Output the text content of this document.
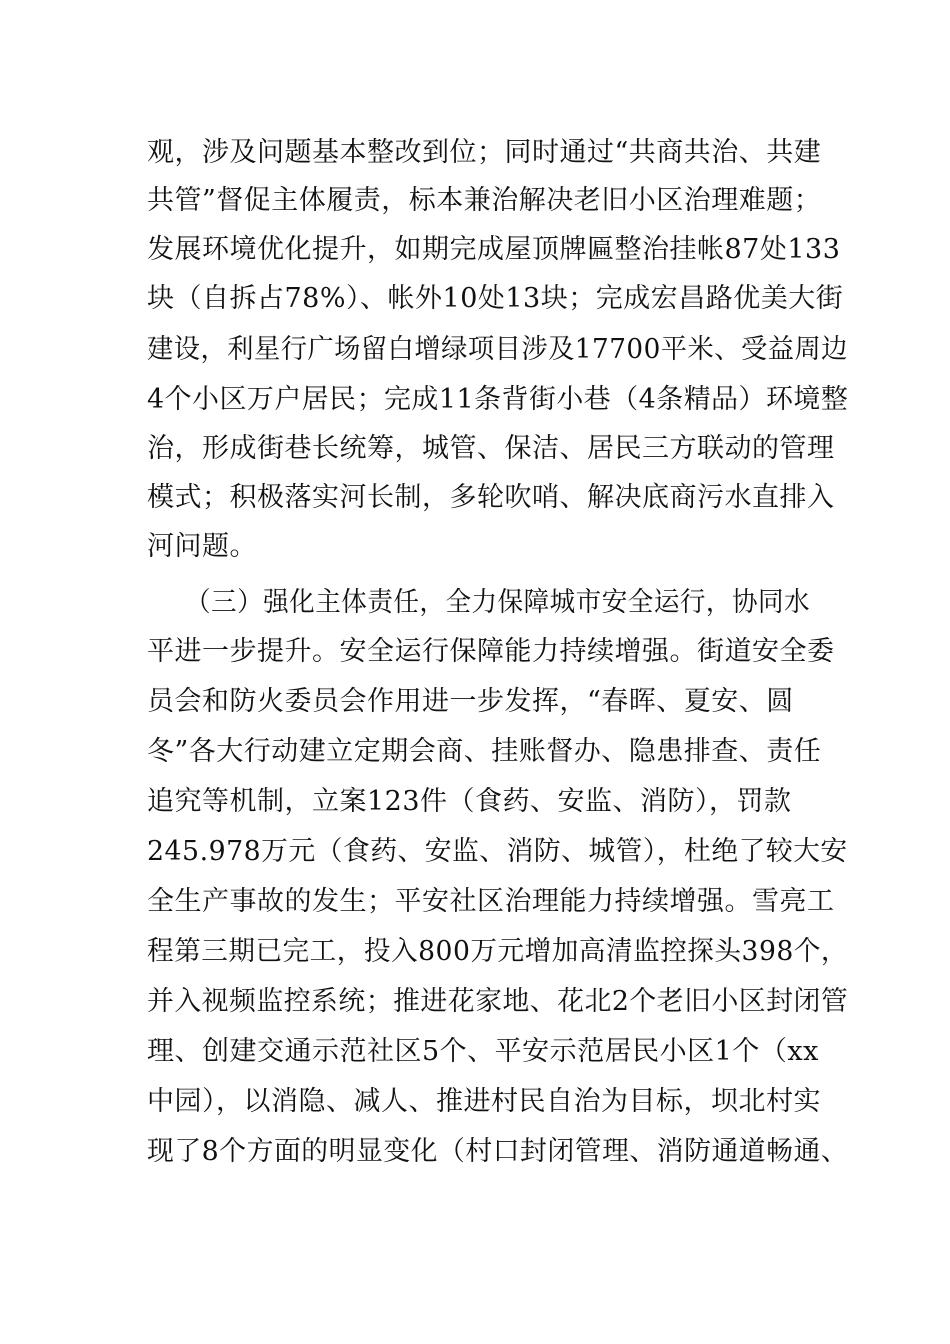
观，涉及问题基本整改到位；同时通过“共商共治、共建
共管”督促主体履责，标本兼治解决老旧小区治理难题；
发展环境优化提升，如期完成屋顶牌匾整治挂帐87处133
块（自拆占78%）、帐外10处13块；完成宏昌路优美大街
建设，利星行广场留白增绿项目涉及17700平米、受益周边
4个小区万户居民；完成11条背街小巷（4条精品）环境整
治，形成街巷长统筹，城管、保洁、居民三方联动的管理
模式；积极落实河长制，多轮吹哨、解决底商污水直排入
河问题。
（三）强化主体责任，全力保障城市安全运行，协同水
平进一步提升。安全运行保障能力持续增强。街道安全委
员会和防火委员会作用进一步发挥，“春晖、夏安、圆
冬”各大行动建立定期会商、挂账督办、隐患排查、责任
追究等机制，立案123件（食药、安监、消防），罚款
245.978万元（食药、安监、消防、城管），杜绝了较大安
全生产事故的发生；平安社区治理能力持续增强。雪亮工
程第三期已完工，投入800万元增加高清监控探头398个，
并入视频监控系统；推进花家地、花北2个老旧小区封闭管
理、创建交通示范社区5个、平安示范居民小区1个（xx
中园），以消隐、减人、推进村民自治为目标，坝北村实
现了8个方面的明显变化（村口封闭管理、消防通道畅通、
